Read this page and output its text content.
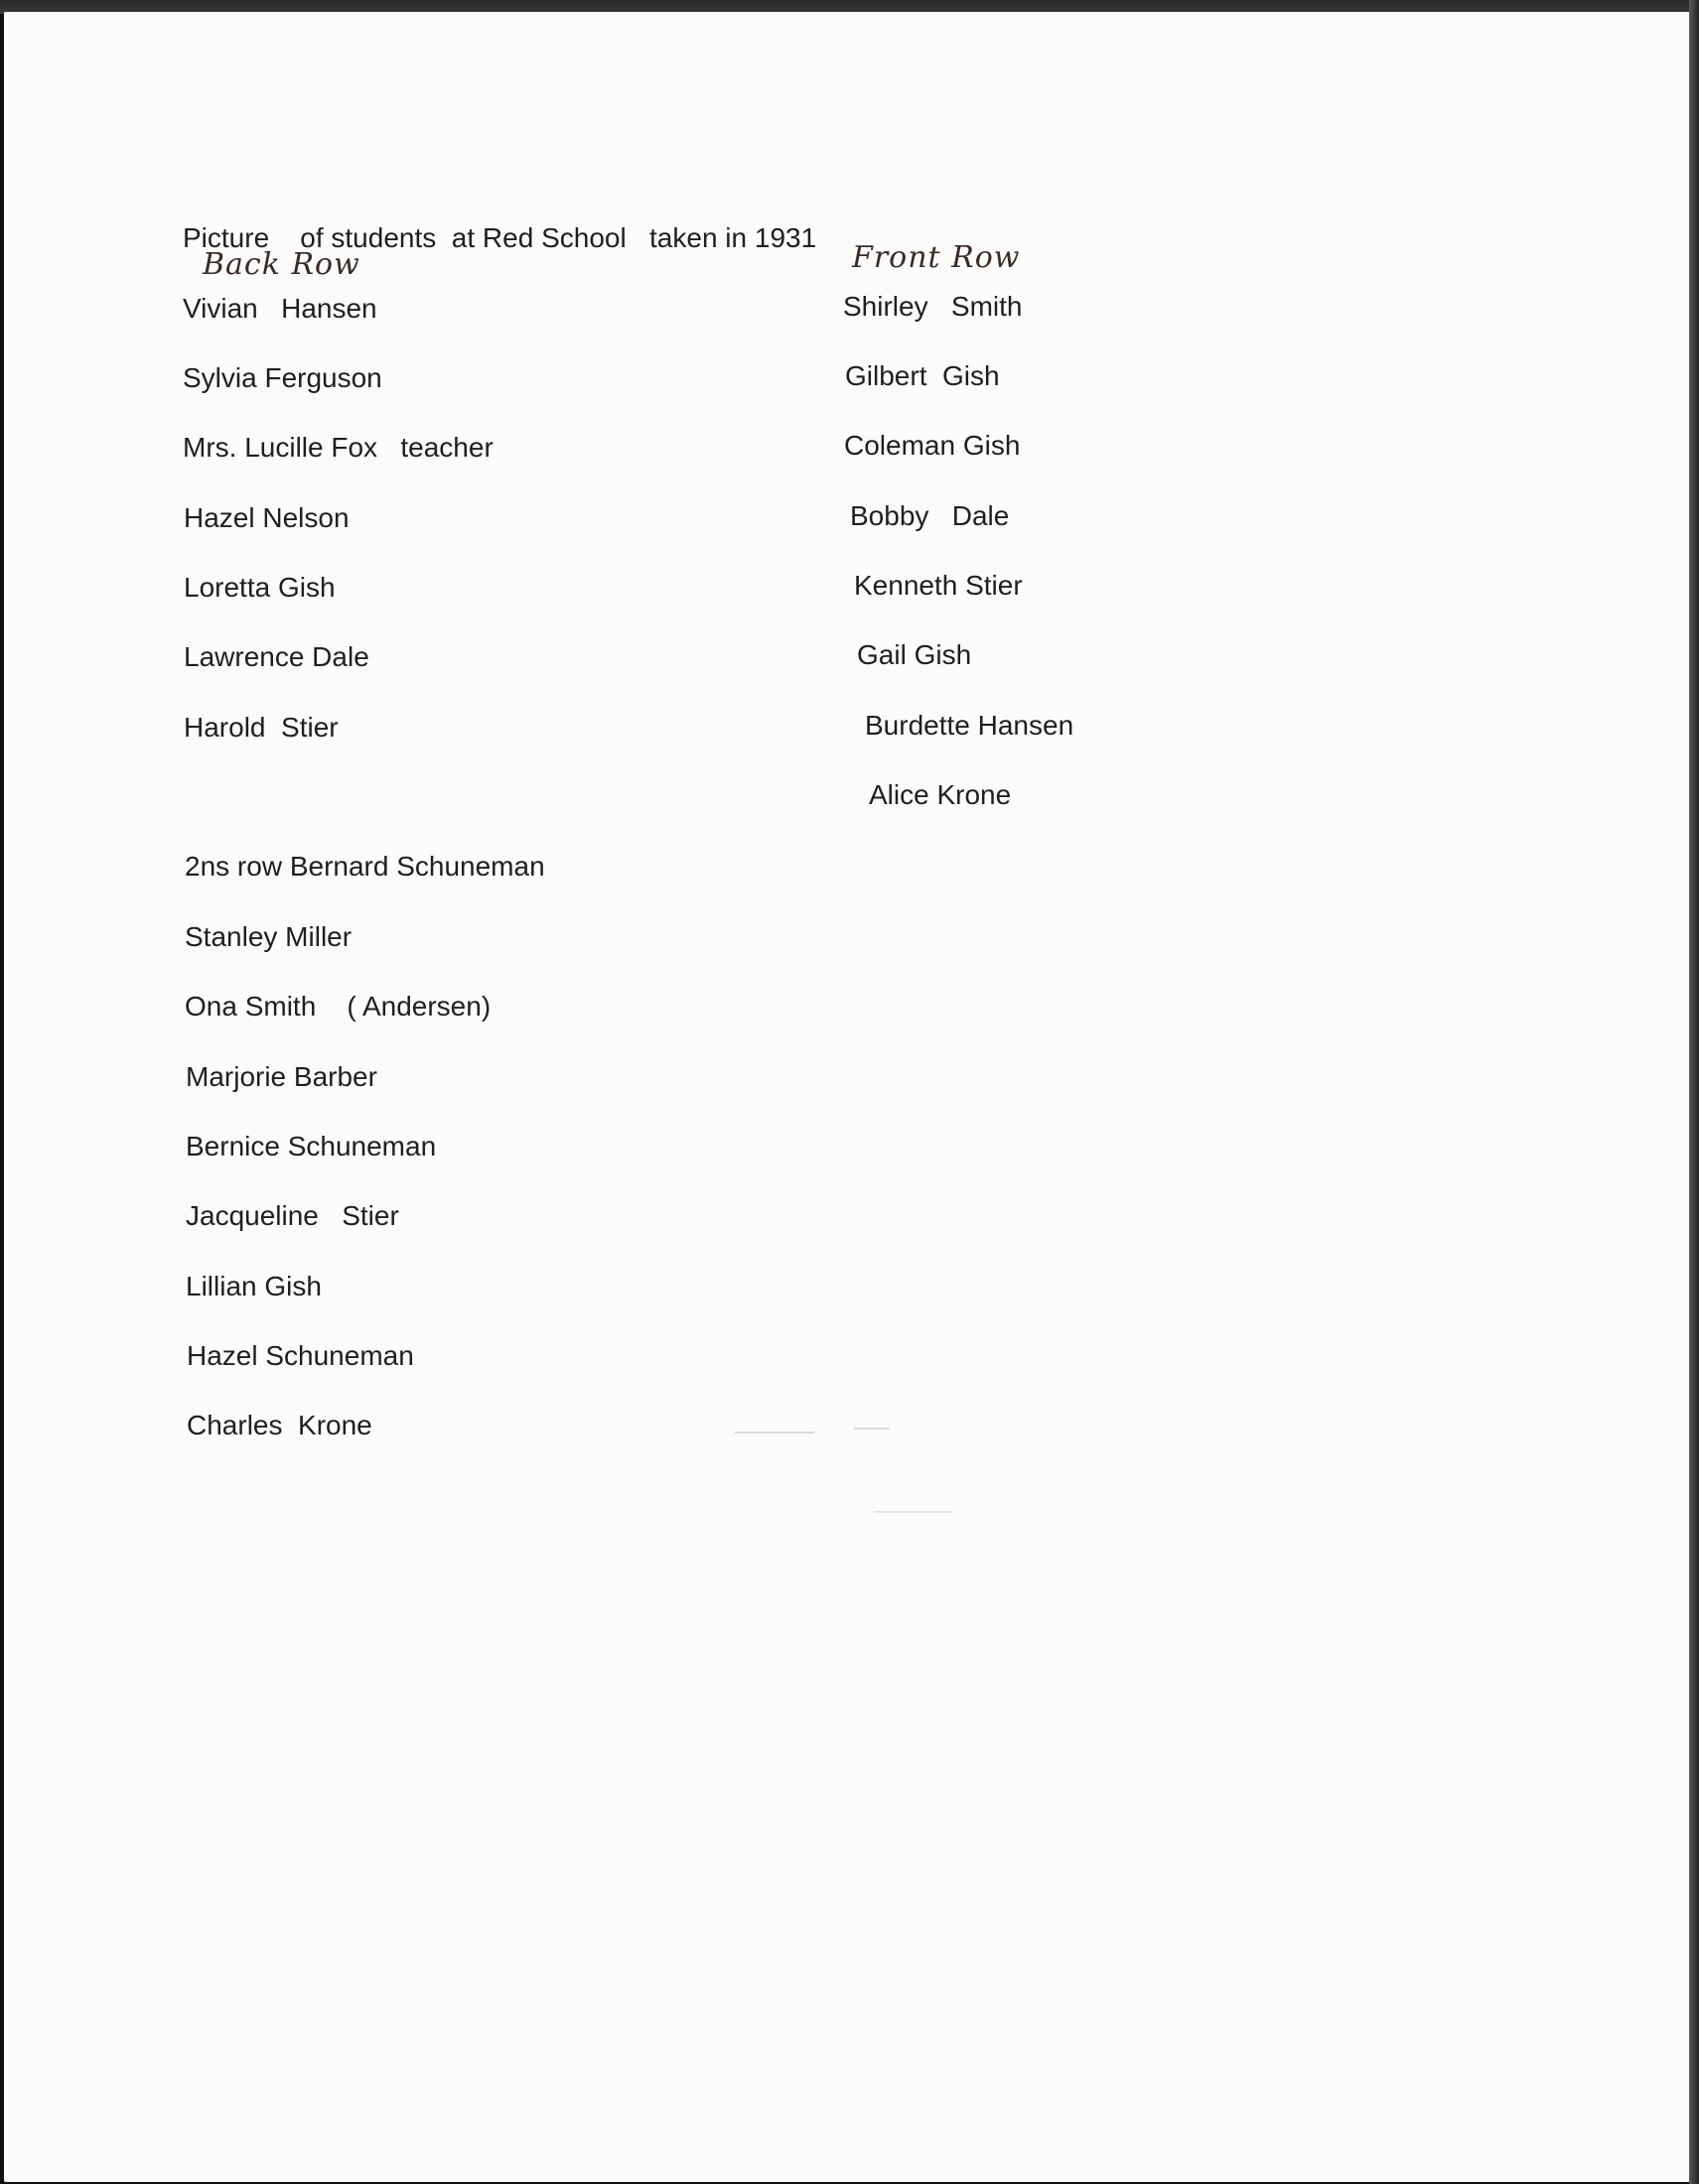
Picture    of students  at Red School   taken in 1931
Back Row	Front Row
Vivian   Hansen
Sylvia Ferguson
Mrs. Lucille Fox   teacher
Hazel Nelson
Loretta Gish
Lawrence Dale
Harold  Stier
2ns row Bernard Schuneman
Stanley Miller
Ona Smith    ( Andersen)
Marjorie Barber
Bernice Schuneman
Jacqueline   Stier
Lillian Gish
Hazel Schuneman
Charles  Krone
Shirley   Smith
Gilbert  Gish
Coleman Gish
Bobby   Dale
Kenneth Stier
Gail Gish
Burdette Hansen
Alice Krone
